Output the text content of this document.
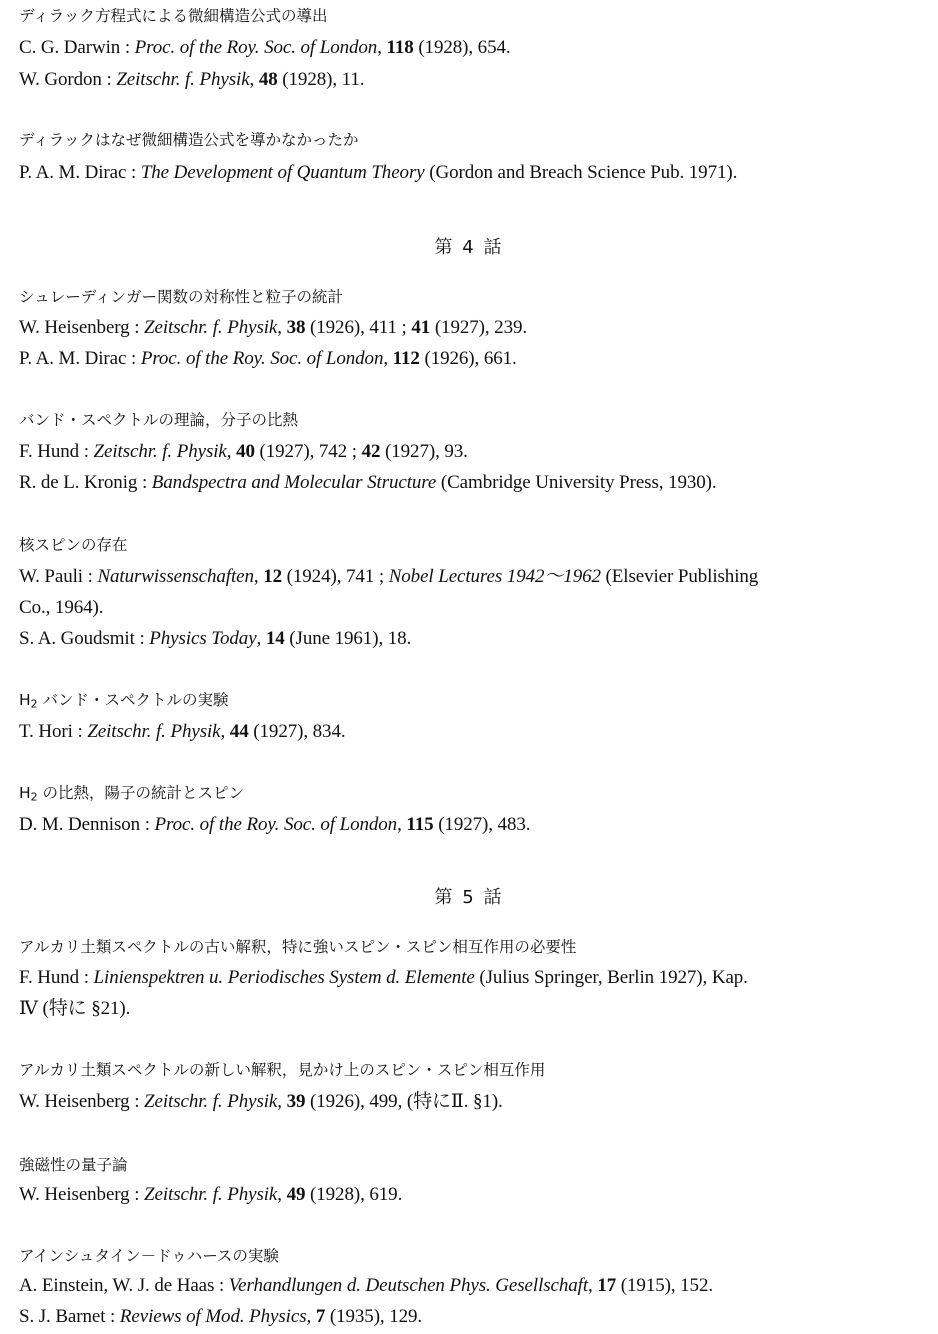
ディラック方程式による微細構造公式の導出
C. G. Darwin : Proc. of the Roy. Soc. of London, 118 (1928), 654.
W. Gordon : Zeitschr. f. Physik, 48 (1928), 11.
ディラックはなぜ微細構造公式を導かなかったか
P. A. M. Dirac : The Development of Quantum Theory (Gordon and Breach Science Pub. 1971).
第 4 話
シュレーディンガー関数の対称性と粒子の統計
W. Heisenberg : Zeitschr. f. Physik, 38 (1926), 411 ; 41 (1927), 239.
P. A. M. Dirac : Proc. of the Roy. Soc. of London, 112 (1926), 661.
バンド・スペクトルの理論，分子の比熱
F. Hund : Zeitschr. f. Physik, 40 (1927), 742 ; 42 (1927), 93.
R. de L. Kronig : Bandspectra and Molecular Structure (Cambridge University Press, 1930).
核スピンの存在
W. Pauli : Naturwissenschaften, 12 (1924), 741 ; Nobel Lectures 1942～1962 (Elsevier Publishing
Co., 1964).
S. A. Goudsmit : Physics Today, 14 (June 1961), 18.
$H_2$ バンド・スペクトルの実験
T. Hori : Zeitschr. f. Physik, 44 (1927), 834.
$H_2$ の比熱，陽子の統計とスピン
D. M. Dennison : Proc. of the Roy. Soc. of London, 115 (1927), 483.
第 5 話
アルカリ土類スペクトルの古い解釈，特に強いスピン・スピン相互作用の必要性
F. Hund : Linienspektren u. Periodisches System d. Elemente (Julius Springer, Berlin 1927), Kap.
Ⅳ (特に §21).
アルカリ土類スペクトルの新しい解釈，見かけ上のスピン・スピン相互作用
W. Heisenberg : Zeitschr. f. Physik, 39 (1926), 499, (特にⅡ. §1).
強磁性の量子論
W. Heisenberg : Zeitschr. f. Physik, 49 (1928), 619.
アインシュタイン－ドゥハースの実験
A. Einstein, W. J. de Haas : Verhandlungen d. Deutschen Phys. Gesellschaft, 17 (1915), 152.
S. J. Barnet : Reviews of Mod. Physics, 7 (1935), 129.
